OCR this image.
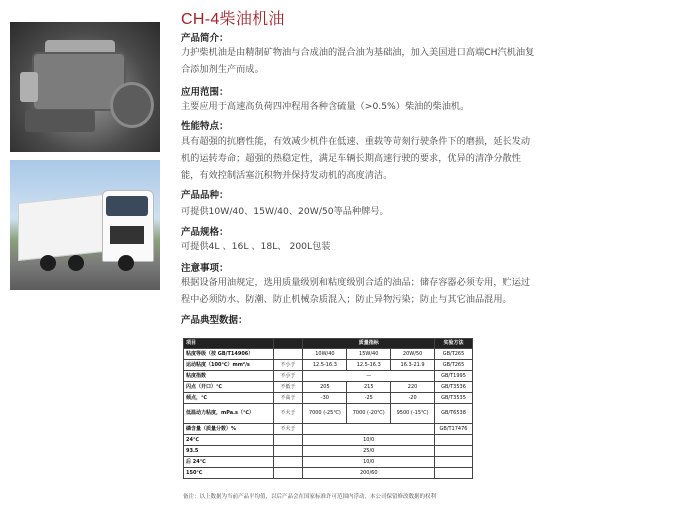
CH-4柴油机油
产品简介：
力护柴机油是由精制矿物油与合成油的混合油为基础油，加入美国进口高端CH汽机油复
合添加剂生产而成。
应用范围：
主要应用于高速高负荷四冲程用各种含硫量（>0.5%）柴油的柴油机。
性能特点：
具有超强的抗磨性能，有效减少机件在低速、重载等苛刻行驶条件下的磨损，延长发动
机的运转寿命；超强的热稳定性，满足车辆长期高速行驶的要求，优异的清净分散性
能，有效控制活塞沉积物并保持发动机的高度清洁。
产品品种：
可提供10W/40、15W/40、20W/50等品种牌号。
产品规格：
可提供4L 、16L 、18L、 200L包装
注意事项：
根据设备用油规定，选用质量级别和粘度级别合适的油品；储存容器必须专用，贮运过
程中必须防水、防潮、防止机械杂质混入；防止异物污染；防止与其它油品混用。
产品典型数据：
项目		质量指标			实验方法
粘度等级（按 GB/T14906）		10W/40	15W/40	20W/50	GB/T265
运动粘度（100℃）mm²/s	不小于	12.5-16.3	12.5-16.3	16.3-21.9	GB/T265
粘度指数	不小于	—			GB/T1995
闪点（开口）℃	不低于	205	215	220	GB/T3536
倾点，℃	不高于	-30	-25	-20	GB/T3535
低温动力粘度，mPa.s（℃）	不大于	7000 (-25℃)	7000 (-20℃)	9500 (-15℃)	GB/T6538
磷含量（质量分数）%	不大于				GB/T17476
24℃		10/0			
93.5		25/0			
后 24℃		10/0			
150℃		200/60			
备注：以上数据为当前产品平均值，以后产品会在国家标准许可范围内浮动，本公司保留修改数据的权利
